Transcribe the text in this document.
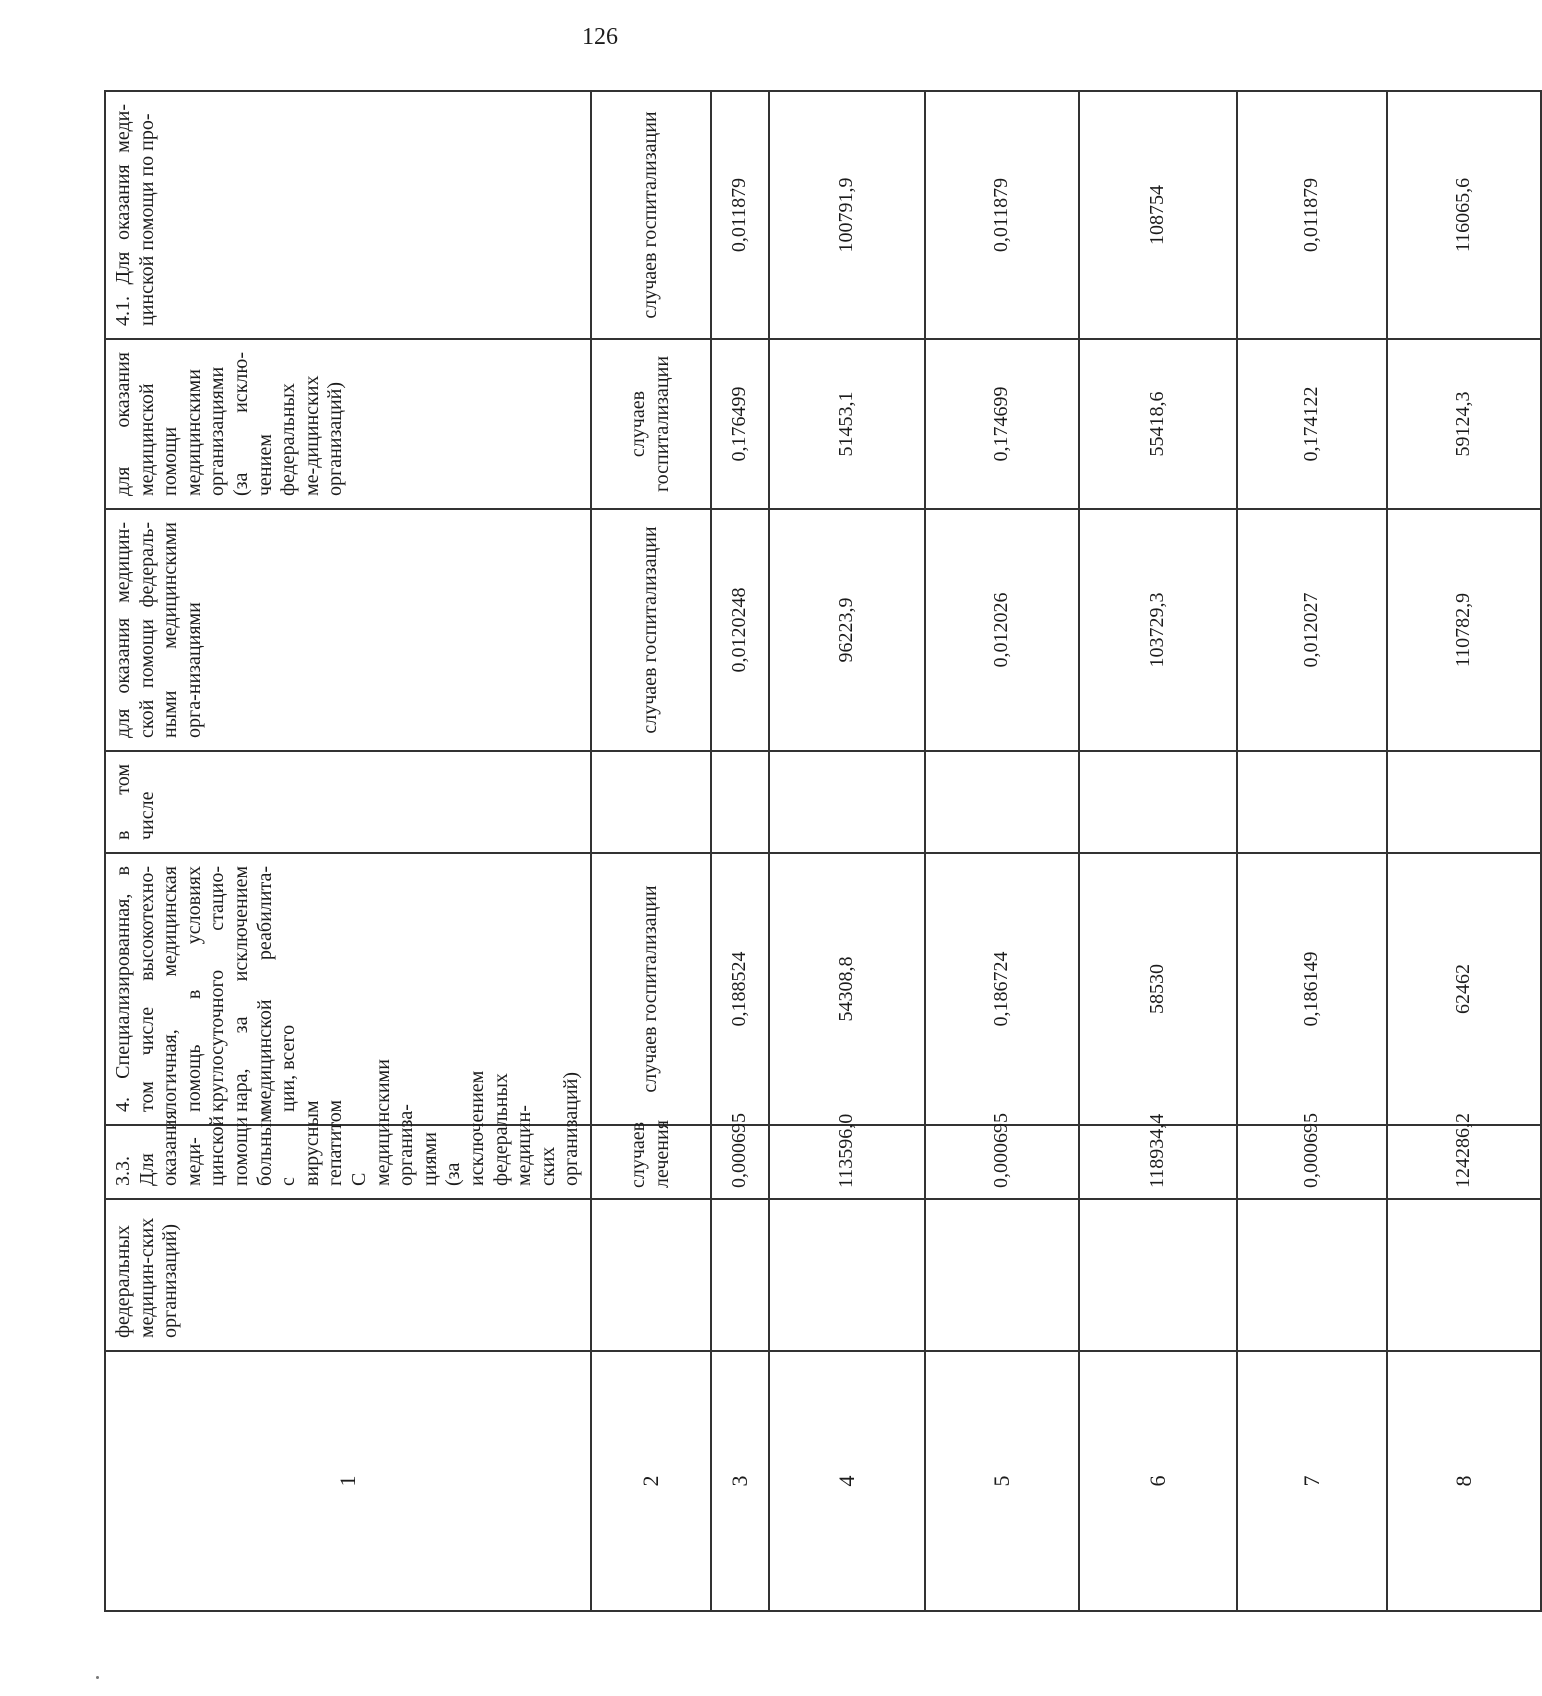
126
1	федеральных медицин-ских организаций)	3.3. Для оказания меди-цинской помощи больным с вирусным гепатитом С медицинскими организа-циями (за исключением федеральных медицин-ских организаций)	4. Специализированная, в том числе высокотехно-логичная, медицинская помощь в условиях круглосуточного стацио-нара, за исключением медицинской реабилита-ции, всего	в том числе	для оказания медицин-ской помощи федераль-ными медицинскими орга-низациями	для оказания медицинской помощи медицинскими организациями (за исклю-чением федеральных ме-дицинских организаций)	4.1. Для оказания меди-цинской помощи по про-
2		случаев лечения	случаев госпитализации		случаев госпитализации	случаев госпитализации	случаев госпитализации
3		0,000695	0,188524		0,0120248	0,176499	0,011879
4		113596,0	54308,8		96223,9	51453,1	100791,9
5		0,000695	0,186724		0,012026	0,174699	0,011879
6		118934,4	58530		103729,3	55418,6	108754
7		0,000695	0,186149		0,012027	0,174122	0,011879
8		124286,2	62462		110782,9	59124,3	116065,6
